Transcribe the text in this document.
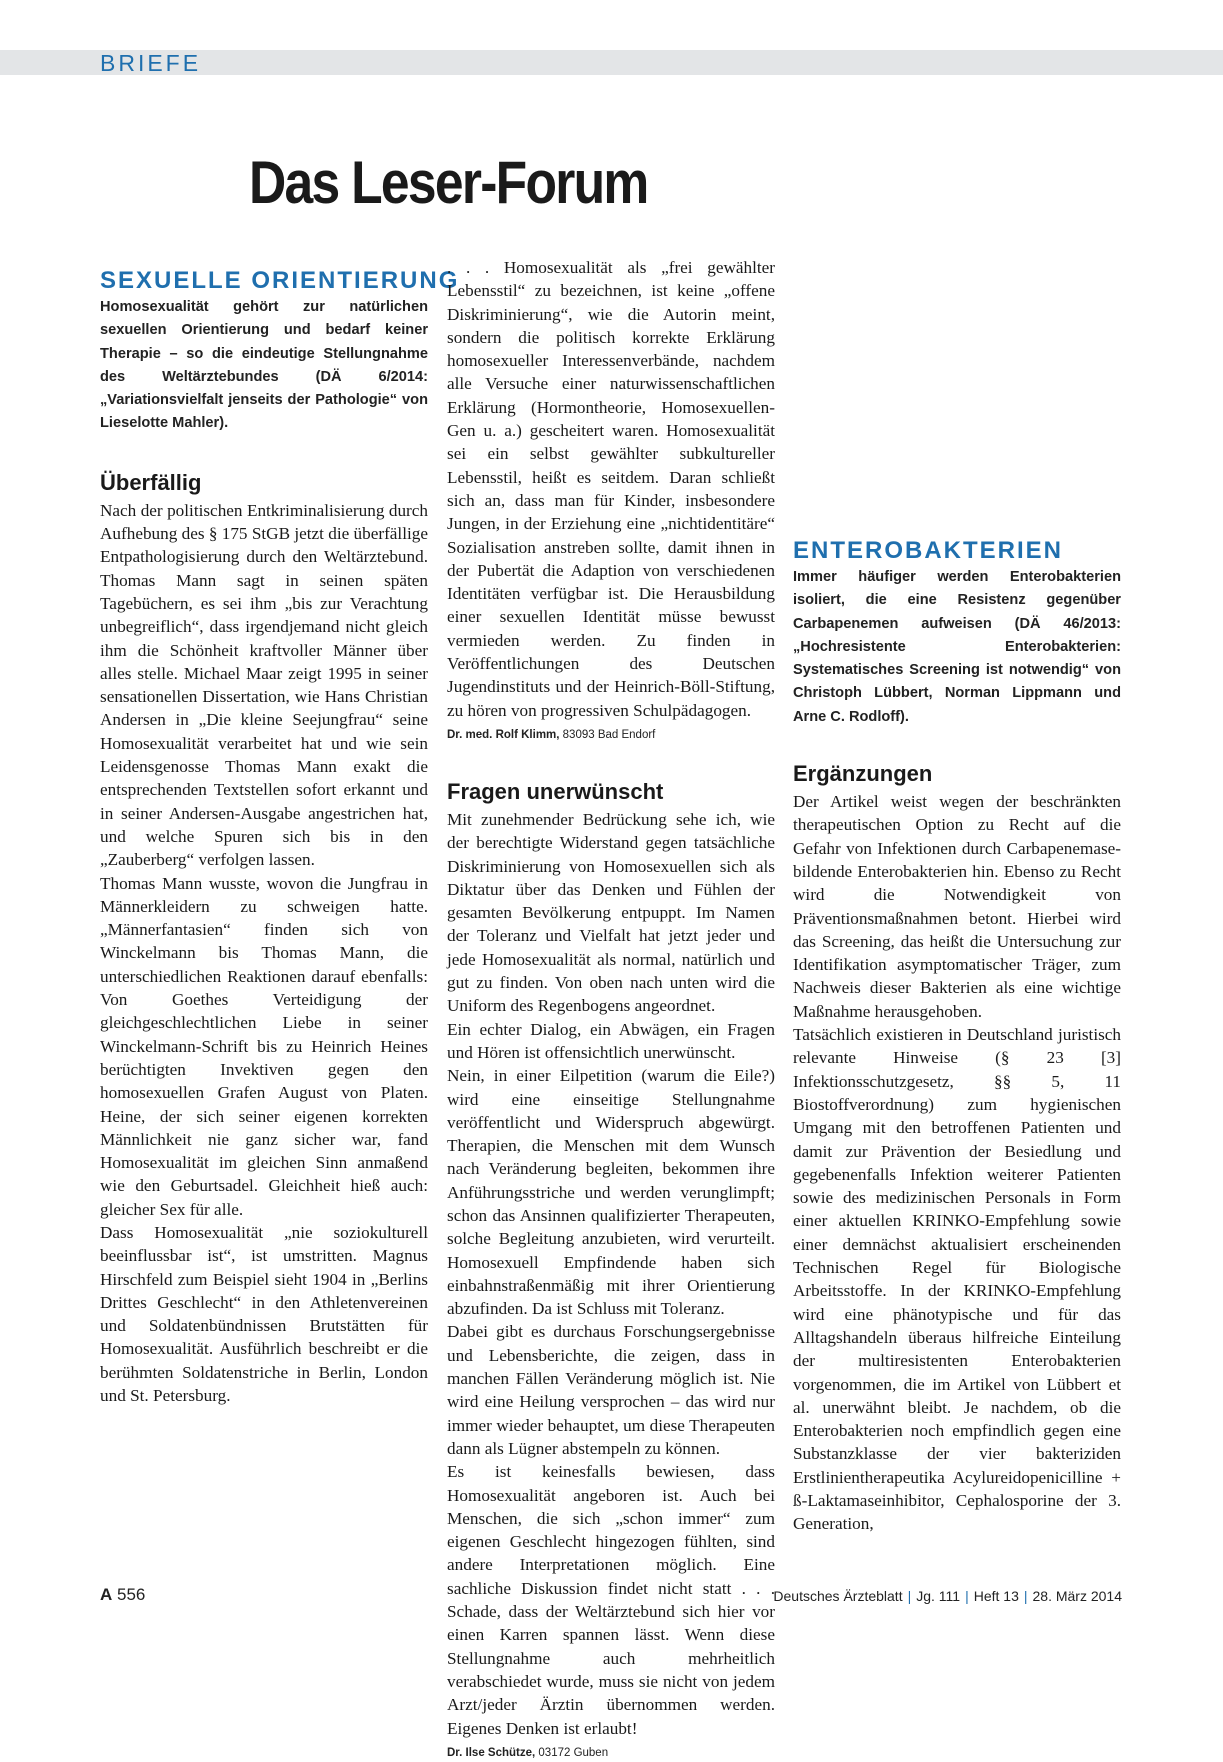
BRIEFE
Das Leser-Forum
SEXUELLE ORIENTIERUNG
Homosexualität gehört zur natürlichen sexuellen Orientierung und bedarf keiner Therapie – so die eindeutige Stellungnahme des Weltärztebundes (DÄ 6/2014: „Variationsvielfalt jenseits der Pathologie“ von Lieselotte Mahler).
Überfällig

Nach der politischen Entkriminalisierung durch Aufhebung des § 175 StGB jetzt die überfällige Entpathologisierung durch den Weltärztebund. Thomas Mann sagt in seinen späten Tagebüchern, es sei ihm „bis zur Verachtung unbegreiflich“, dass irgendjemand nicht gleich ihm die Schönheit kraftvoller Männer über alles stelle. Michael Maar zeigt 1995 in seiner sensationellen Dissertation, wie Hans Christian Andersen in „Die kleine Seejungfrau“ seine Homosexualität verarbeitet hat und wie sein Leidensgenosse Thomas Mann exakt die entsprechenden Textstellen sofort erkannt und in seiner Andersen-Ausgabe angestrichen hat, und welche Spuren sich bis in den „Zauberberg“ verfolgen lassen.

Thomas Mann wusste, wovon die Jungfrau in Männerkleidern zu schweigen hatte. „Männerfantasien“ finden sich von Winckelmann bis Thomas Mann, die unterschiedlichen Reaktionen darauf ebenfalls: Von Goethes Verteidigung der gleichgeschlechtlichen Liebe in seiner Winckelmann-Schrift bis zu Heinrich Heines berüchtigten Invektiven gegen den homosexuellen Grafen August von Platen. Heine, der sich seiner eigenen korrekten Männlichkeit nie ganz sicher war, fand Homosexualität im gleichen Sinn anmaßend wie den Geburtsadel. Gleichheit hieß auch: gleicher Sex für alle.

Dass Homosexualität „nie soziokulturell beeinflussbar ist“, ist umstritten. Magnus Hirschfeld zum Beispiel sieht 1904 in „Berlins Drittes Geschlecht“ in den Athletenvereinen und Soldatenbündnissen Brutstätten für Homosexualität. Ausführlich beschreibt er die berühmten Soldatenstriche in Berlin, London und St. Petersburg.

. . . Homosexualität als „frei gewählter Lebensstil“ zu bezeichnen, ist keine „offene Diskriminierung“, wie die Autorin meint, sondern die politisch korrekte Erklärung homosexueller Interessenverbände, nachdem alle Versuche einer naturwissenschaftlichen Erklärung (Hormontheorie, Homosexuellen-Gen u. a.) gescheitert waren. Homosexualität sei ein selbst gewählter subkultureller Lebensstil, heißt es seitdem. Daran schließt sich an, dass man für Kinder, insbesondere Jungen, in der Erziehung eine „nichtidentitäre“ Sozialisation anstreben sollte, damit ihnen in der Pubertät die Adaption von verschiedenen Identitäten verfügbar ist. Die Herausbildung einer sexuellen Identität müsse bewusst vermieden werden. Zu finden in Veröffentlichungen des Deutschen Jugendinstituts und der Heinrich-Böll-Stiftung, zu hören von progressiven Schulpädagogen.

Dr. med. Rolf Klimm, 83093 Bad Endorf
Fragen unerwünscht

Mit zunehmender Bedrückung sehe ich, wie der berechtigte Widerstand gegen tatsächliche Diskriminierung von Homosexuellen sich als Diktatur über das Denken und Fühlen der gesamten Bevölkerung entpuppt. Im Namen der Toleranz und Vielfalt hat jetzt jeder und jede Homosexualität als normal, natürlich und gut zu finden. Von oben nach unten wird die Uniform des Regenbogens angeordnet.

Ein echter Dialog, ein Abwägen, ein Fragen und Hören ist offensichtlich unerwünscht.

Nein, in einer Eilpetition (warum die Eile?) wird eine einseitige Stellungnahme veröffentlicht und Widerspruch abgewürgt. Therapien, die Menschen mit dem Wunsch nach Veränderung begleiten, bekommen ihre Anführungsstriche und werden verunglimpft; schon das Ansinnen qualifizierter Therapeuten, solche Begleitung anzubieten, wird verurteilt. Homosexuell Empfindende haben sich einbahnstraßenmäßig mit ihrer Orientierung abzufinden. Da ist Schluss mit Toleranz.

Dabei gibt es durchaus Forschungsergebnisse und Lebensberichte, die zeigen, dass in manchen Fällen Veränderung möglich ist. Nie wird eine Heilung versprochen – das wird nur immer wieder behauptet, um diese Therapeuten dann als Lügner abstempeln zu können.

Es ist keinesfalls bewiesen, dass Homosexualität angeboren ist. Auch bei Menschen, die sich „schon immer“ zum eigenen Geschlecht hingezogen fühlten, sind andere Interpretationen möglich. Eine sachliche Diskussion findet nicht statt . . . Schade, dass der Weltärztebund sich hier vor einen Karren spannen lässt. Wenn diese Stellungnahme auch mehrheitlich verabschiedet wurde, muss sie nicht von jedem Arzt/jeder Ärztin übernommen werden. Eigenes Denken ist erlaubt!

Dr. Ilse Schütze, 03172 Guben
ENTEROBAKTERIEN
Immer häufiger werden Enterobakterien isoliert, die eine Resistenz gegenüber Carbapenemen aufweisen (DÄ 46/2013: „Hochresistente Enterobakterien: Systematisches Screening ist notwendig“ von Christoph Lübbert, Norman Lippmann und Arne C. Rodloff).
Ergänzungen

Der Artikel weist wegen der beschränkten therapeutischen Option zu Recht auf die Gefahr von Infektionen durch Carbapenemase-bildende Enterobakterien hin. Ebenso zu Recht wird die Notwendigkeit von Präventionsmaßnahmen betont. Hierbei wird das Screening, das heißt die Untersuchung zur Identifikation asymptomatischer Träger, zum Nachweis dieser Bakterien als eine wichtige Maßnahme herausgehoben.

Tatsächlich existieren in Deutschland juristisch relevante Hinweise (§ 23 [3] Infektionsschutzgesetz, §§ 5, 11 Biostoffverordnung) zum hygienischen Umgang mit den betroffenen Patienten und damit zur Prävention der Besiedlung und gegebenenfalls Infektion weiterer Patienten sowie des medizinischen Personals in Form einer aktuellen KRINKO-Empfehlung sowie einer demnächst aktualisiert erscheinenden Technischen Regel für Biologische Arbeitsstoffe. In der KRINKO-Empfehlung wird eine phänotypische und für das Alltagshandeln überaus hilfreiche Einteilung der multiresistenten Enterobakterien vorgenommen, die im Artikel von Lübbert et al. unerwähnt bleibt. Je nachdem, ob die Enterobakterien noch empfindlich gegen eine Substanzklasse der vier bakteriziden Erstlinientherapeutika Acylureidopenicilline + ß-Laktamaseinhibitor, Cephalosporine der 3. Generation,

A 556	Deutsches Ärzteblatt | Jg. 111 | Heft 13 | 28. März 2014
